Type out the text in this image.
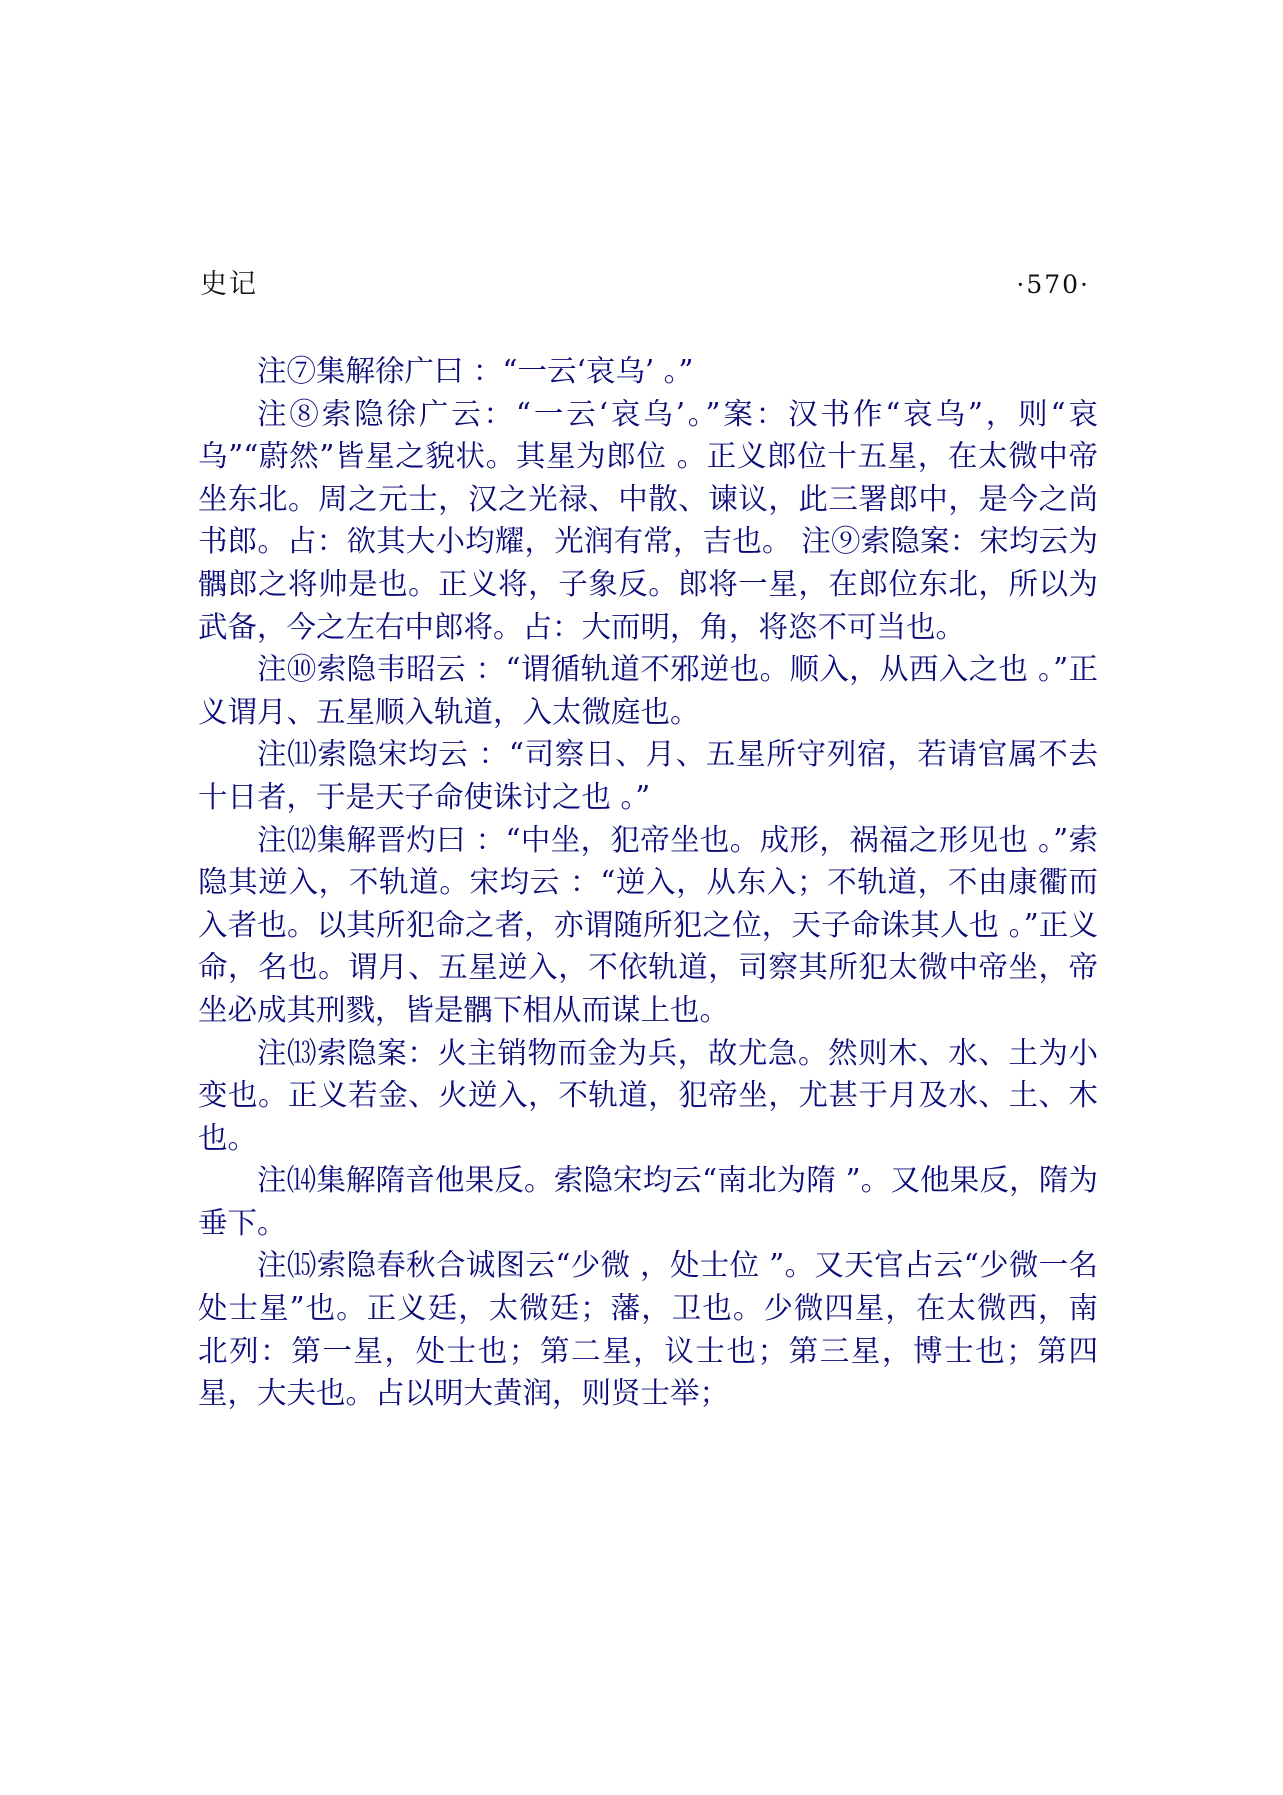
史记	·570·

注⑦集解徐广曰 ：“一云‘哀乌’ 。”

注⑧索隐徐广云：“一云‘哀乌’。”案：汉书作“哀乌”，则“哀乌”“蔚然”皆星之貌状。其星为郎位 。正义郎位十五星，在太微中帝坐东北。周之元士，汉之光禄、中散、谏议，此三署郎中，是今之尚书郎。占：欲其大小均耀，光润有常，吉也。 注⑨索隐案：宋均云为髃郎之将帅是也。正义将，子象反。郎将一星，在郎位东北，所以为武备，今之左右中郎将。占：大而明，角，将恣不可当也。

注⑩索隐韦昭云 ：“谓循轨道不邪逆也。顺入，从西入之也 。”正义谓月、五星顺入轨道，入太微庭也。

注⑾索隐宋均云 ：“司察日、月、五星所守列宿，若请官属不去十日者，于是天子命使诛讨之也 。”

注⑿集解晋灼曰 ：“中坐，犯帝坐也。成形，祸福之形见也 。”索隐其逆入，不轨道。宋均云 ：“逆入，从东入；不轨道，不由康衢而入者也。以其所犯命之者，亦谓随所犯之位，天子命诛其人也 。”正义命，名也。谓月、五星逆入，不依轨道，司察其所犯太微中帝坐，帝坐必成其刑戮，皆是髃下相从而谋上也。

注⒀索隐案：火主销物而金为兵，故尤急。然则木、水、土为小变也。正义若金、火逆入，不轨道，犯帝坐，尤甚于月及水、土、木也。

注⒁集解隋音他果反。索隐宋均云“南北为隋 ”。又他果反，隋为垂下。

注⒂索隐春秋合诚图云“少微 ，处士位 ”。又天官占云“少微一名处士星”也。正义廷，太微廷；藩，卫也。少微四星，在太微西，南北列：第一星，处士也；第二星，议士也；第三星，博士也；第四星，大夫也。占以明大黄润，则贤士举；
